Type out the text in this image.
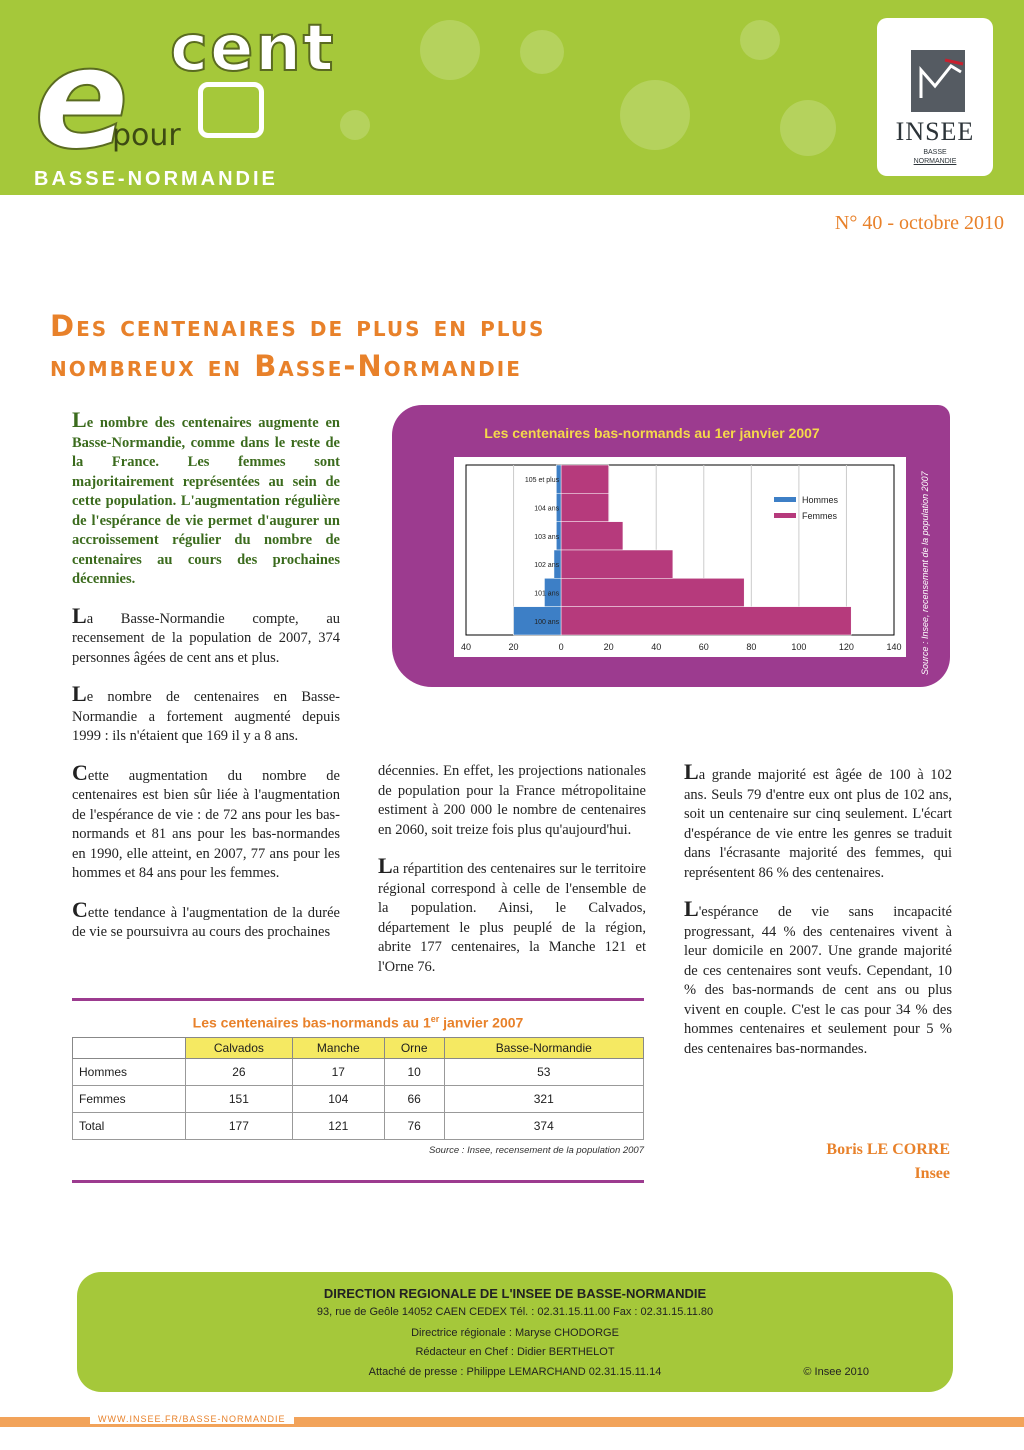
e
pour
cent
BASSE-NORMANDIE
INSEE
BASSE
NORMANDIE
N° 40 - octobre 2010
Des centenaires de plus en plus
nombreux en Basse-Normandie

Le nombre des centenaires augmente en Basse-Normandie, comme dans le reste de la France. Les femmes sont majoritairement représentées au sein de cette population. L'augmentation régulière de l'espérance de vie permet d'augurer un accroissement régulier du nombre de centenaires au cours des prochaines décennies.

La Basse-Normandie compte, au recensement de la population de 2007, 374 personnes âgées de cent ans et plus.

Le nombre de centenaires en Basse-Normandie a fortement augmenté depuis 1999 : ils n'étaient que 169 il y a 8 ans.

Cette augmentation du nombre de centenaires est bien sûr liée à l'augmentation de l'espérance de vie : de 72 ans pour les bas-normands et 81 ans pour les bas-normandes en 1990, elle atteint, en 2007, 77 ans pour les hommes et 84 ans pour les femmes.

Cette tendance à l'augmentation de la durée de vie se poursuivra au cours des prochaines

Les centenaires bas-normands au 1er janvier 2007
Source : Insee, recensement de la population 2007
40	20	0	20	40	60	80	100	120	140
105 et plus
104 ans
103 ans
102 ans
101 ans
100 ans
Hommes
Femmes

décennies. En effet, les projections nationales de population pour la France métropolitaine estiment à 200 000 le nombre de centenaires en 2060, soit treize fois plus qu'aujourd'hui.

La répartition des centenaires sur le territoire régional correspond à celle de l'ensemble de la population. Ainsi, le Calvados, département le plus peuplé de la région, abrite 177 centenaires, la Manche 121 et l'Orne 76.

La grande majorité est âgée de 100 à 102 ans. Seuls 79 d'entre eux ont plus de 102 ans, soit un centenaire sur cinq seulement. L'écart d'espérance de vie entre les genres se traduit dans l'écrasante majorité des femmes, qui représentent 86 % des centenaires.

L'espérance de vie sans incapacité progressant, 44 % des centenaires vivent à leur domicile en 2007. Une grande majorité de ces centenaires sont veufs. Cependant, 10 % des bas-normands de cent ans ou plus vivent en couple. C'est le cas pour 34 % des hommes centenaires et seulement pour 5 % des centenaires bas-normandes.

Les centenaires bas-normands au 1er janvier 2007
	Calvados	Manche	Orne	Basse-Normandie
Hommes	26	17	10	53
Femmes	151	104	66	321
Total	177	121	76	374
Source : Insee, recensement de la population 2007	Boris LE CORRE
Insee
DIRECTION REGIONALE DE L'INSEE DE BASSE-NORMANDIE
93, rue de Geôle 14052 CAEN CEDEX Tél. : 02.31.15.11.00 Fax : 02.31.15.11.80
Directrice régionale : Maryse CHODORGE
Rédacteur en Chef : Didier BERTHELOT
Attaché de presse : Philippe LEMARCHAND 02.31.15.11.14	© Insee 2010
WWW.INSEE.FR/BASSE-NORMANDIE
